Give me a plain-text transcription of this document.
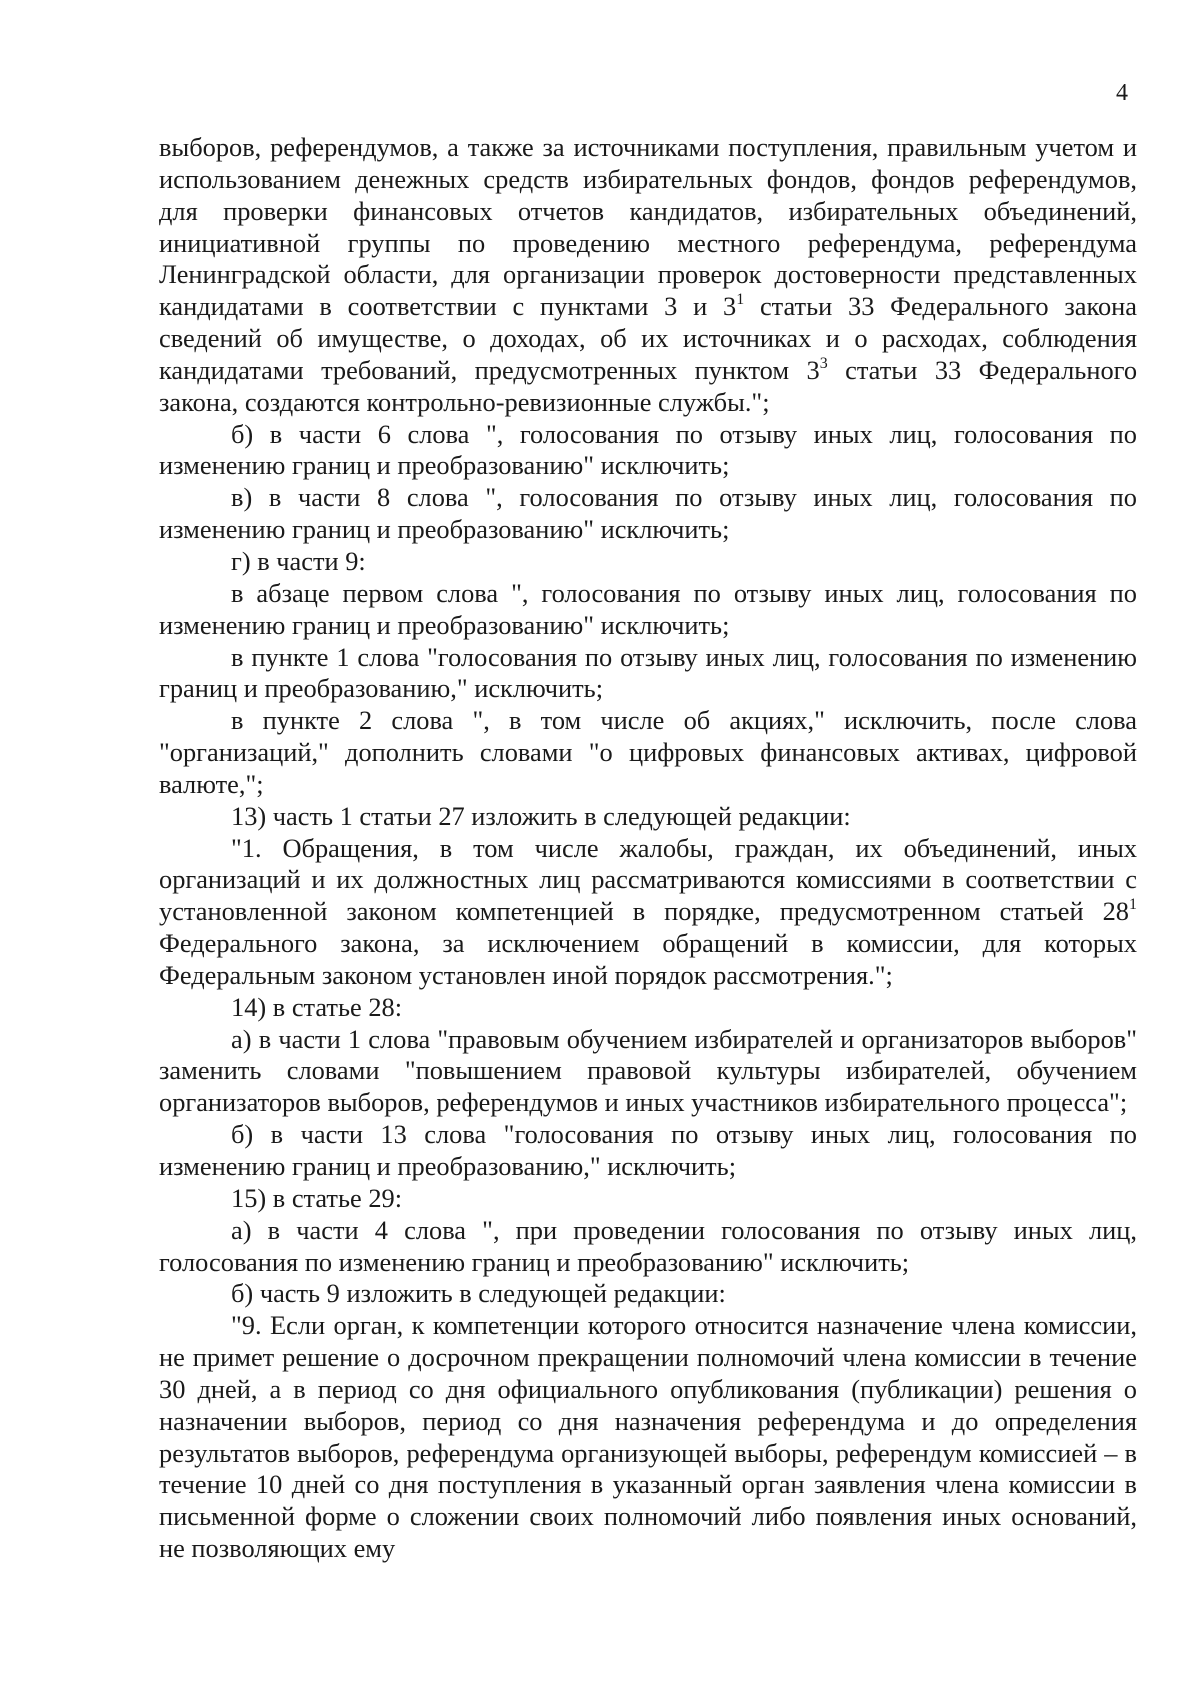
4

выборов, референдумов, а также за источниками поступления, правильным учетом и использованием денежных средств избирательных фондов, фондов референдумов, для проверки финансовых отчетов кандидатов, избирательных объединений, инициативной группы по проведению местного референдума, референдума Ленинградской области, для организации проверок достоверности представленных кандидатами в соответствии с пунктами 3 и $3^1$ статьи 33 Федерального закона сведений об имуществе, о доходах, об их источниках и о расходах, соблюдения кандидатами требований, предусмотренных пунктом $3^3$ статьи 33 Федерального закона, создаются контрольно-ревизионные службы.";

б) в части 6 слова ", голосования по отзыву иных лиц, голосования по изменению границ и преобразованию" исключить;

в) в части 8 слова ", голосования по отзыву иных лиц, голосования по изменению границ и преобразованию" исключить;

г) в части 9:

в абзаце первом слова ", голосования по отзыву иных лиц, голосования по изменению границ и преобразованию" исключить;

в пункте 1 слова "голосования по отзыву иных лиц, голосования по изменению границ и преобразованию," исключить;

в пункте 2 слова ", в том числе об акциях," исключить, после слова "организаций," дополнить словами "о цифровых финансовых активах, цифровой валюте,";

13) часть 1 статьи 27 изложить в следующей редакции:

"1. Обращения, в том числе жалобы, граждан, их объединений, иных организаций и их должностных лиц рассматриваются комиссиями в соответствии с установленной законом компетенцией в порядке, предусмотренном статьей $28^1$ Федерального закона, за исключением обращений в комиссии, для которых Федеральным законом установлен иной порядок рассмотрения.";

14) в статье 28:

а) в части 1 слова "правовым обучением избирателей и организаторов выборов" заменить словами "повышением правовой культуры избирателей, обучением организаторов выборов, референдумов и иных участников избирательного процесса";

б) в части 13 слова "голосования по отзыву иных лиц, голосования по изменению границ и преобразованию," исключить;

15) в статье 29:

а) в части 4 слова ", при проведении голосования по отзыву иных лиц, голосования по изменению границ и преобразованию" исключить;

б) часть 9 изложить в следующей редакции:

"9. Если орган, к компетенции которого относится назначение члена комиссии, не примет решение о досрочном прекращении полномочий члена комиссии в течение 30 дней, а в период со дня официального опубликования (публикации) решения о назначении выборов, период со дня назначения референдума и до определения результатов выборов, референдума организующей выборы, референдум комиссией – в течение 10 дней со дня поступления в указанный орган заявления члена комиссии в письменной форме о сложении своих полномочий либо появления иных оснований, не позволяющих ему
